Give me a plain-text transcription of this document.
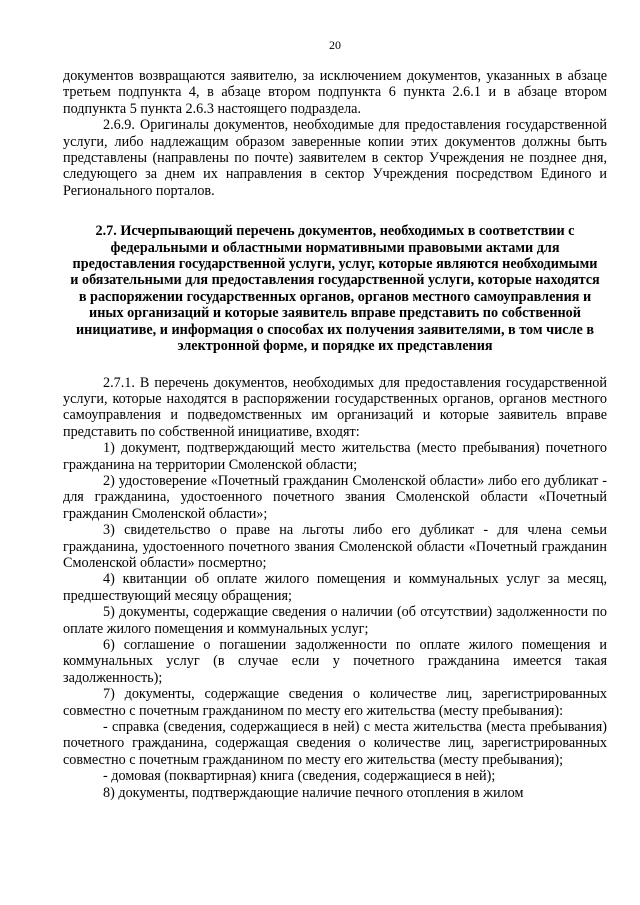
20

документов возвращаются заявителю, за исключением документов, указанных в абзаце третьем подпункта 4, в абзаце втором подпункта 6 пункта 2.6.1 и в абзаце втором подпункта 5 пункта 2.6.3 настоящего подраздела.

2.6.9. Оригиналы документов, необходимые для предоставления государственной услуги, либо надлежащим образом заверенные копии этих документов должны быть представлены (направлены по почте) заявителем в сектор Учреждения не позднее дня, следующего за днем их направления в сектор Учреждения посредством Единого и Регионального порталов.

2.7. Исчерпывающий перечень документов, необходимых в соответствии с федеральными и областными нормативными правовыми актами для предоставления государственной услуги, услуг, которые являются необходимыми и обязательными для предоставления государственной услуги, которые находятся в распоряжении государственных органов, органов местного самоуправления и иных организаций и которые заявитель вправе представить по собственной инициативе, и информация о способах их получения заявителями, в том числе в электронной форме, и порядке их представления

2.7.1. В перечень документов, необходимых для предоставления государственной услуги, которые находятся в распоряжении государственных органов, органов местного самоуправления и подведомственных им организаций и которые заявитель вправе представить по собственной инициативе, входят:

1) документ, подтверждающий место жительства (место пребывания) почетного гражданина на территории Смоленской области;

2) удостоверение «Почетный гражданин Смоленской области» либо его дубликат - для гражданина, удостоенного почетного звания Смоленской области «Почетный гражданин Смоленской области»;

3) свидетельство о праве на льготы либо его дубликат - для члена семьи гражданина, удостоенного почетного звания Смоленской области «Почетный гражданин Смоленской области» посмертно;

4) квитанции об оплате жилого помещения и коммунальных услуг за месяц, предшествующий месяцу обращения;

5) документы, содержащие сведения о наличии (об отсутствии) задолженности по оплате жилого помещения и коммунальных услуг;

6) соглашение о погашении задолженности по оплате жилого помещения и коммунальных услуг (в случае если у почетного гражданина имеется такая задолженность);

7) документы, содержащие сведения о количестве лиц, зарегистрированных совместно с почетным гражданином по месту его жительства (месту пребывания):

- справка (сведения, содержащиеся в ней) с места жительства (места пребывания) почетного гражданина, содержащая сведения о количестве лиц, зарегистрированных совместно с почетным гражданином по месту его жительства (месту пребывания);

- домовая (поквартирная) книга (сведения, содержащиеся в ней);

8) документы, подтверждающие наличие печного отопления в жилом
